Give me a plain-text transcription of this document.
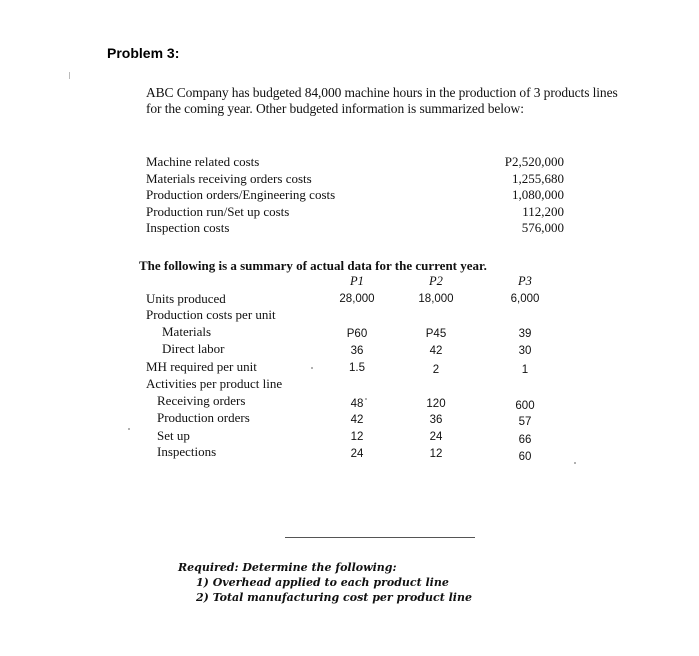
Problem 3:
ABC Company has budgeted 84,000 machine hours in the production of 3 products lines for the coming year. Other budgeted information is summarized below:
Machine related costs	P2,520,000
Materials receiving orders costs	1,255,680
Production orders/Engineering costs	1,080,000
Production run/Set up costs	112,200
Inspection costs	576,000
The following is a summary of actual data for the current year.
P1	P2	P3
Units produced	28,000	18,000	6,000
Production costs per unit
Materials	P60	P45	39
Direct labor	36	42	30
MH required per unit	1.5	2	1
Activities per product line
Receiving orders	48	120	600
Production orders	42	36	57
Set up	12	24	66
Inspections	24	12	60
Required: Determine the following:
1) Overhead applied to each product line
2) Total manufacturing cost per product line
